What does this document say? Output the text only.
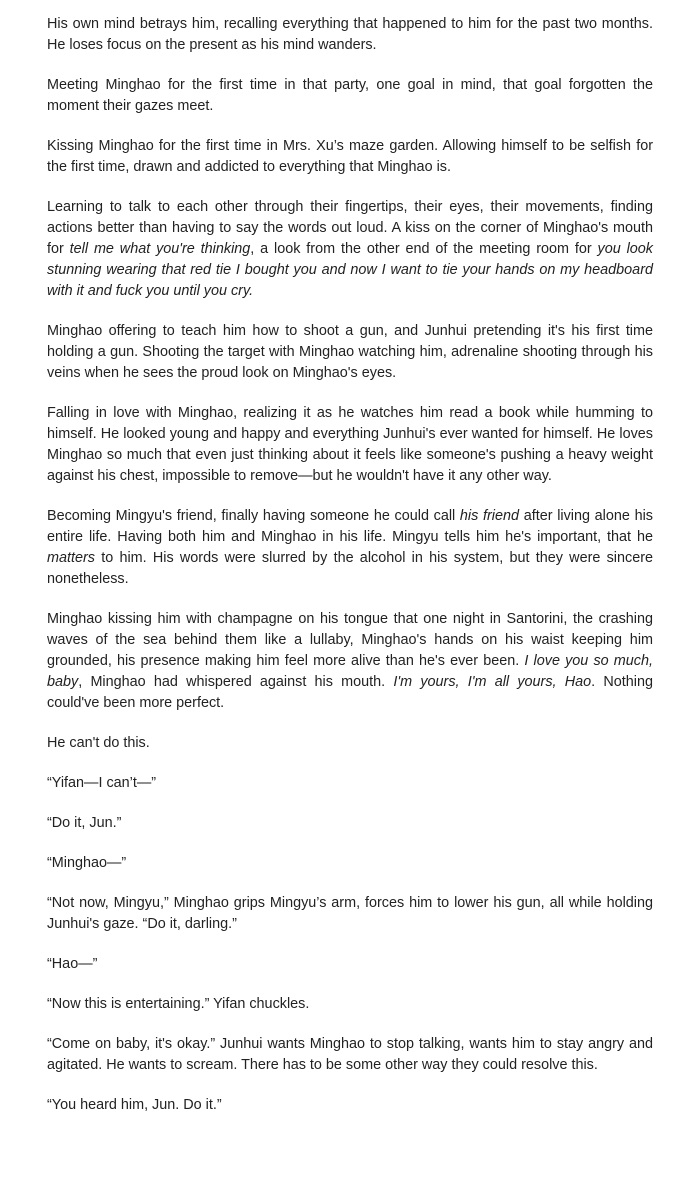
His own mind betrays him, recalling everything that happened to him for the past two months. He loses focus on the present as his mind wanders.

Meeting Minghao for the first time in that party, one goal in mind, that goal forgotten the moment their gazes meet.

Kissing Minghao for the first time in Mrs. Xu’s maze garden. Allowing himself to be selfish for the first time, drawn and addicted to everything that Minghao is.

Learning to talk to each other through their fingertips, their eyes, their movements, finding actions better than having to say the words out loud. A kiss on the corner of Minghao's mouth for tell me what you're thinking, a look from the other end of the meeting room for you look stunning wearing that red tie I bought you and now I want to tie your hands on my headboard with it and fuck you until you cry.

Minghao offering to teach him how to shoot a gun, and Junhui pretending it's his first time holding a gun. Shooting the target with Minghao watching him, adrenaline shooting through his veins when he sees the proud look on Minghao's eyes.

Falling in love with Minghao, realizing it as he watches him read a book while humming to himself. He looked young and happy and everything Junhui's ever wanted for himself. He loves Minghao so much that even just thinking about it feels like someone's pushing a heavy weight against his chest, impossible to remove—but he wouldn't have it any other way.

Becoming Mingyu's friend, finally having someone he could call his friend after living alone his entire life. Having both him and Minghao in his life. Mingyu tells him he's important, that he matters to him. His words were slurred by the alcohol in his system, but they were sincere nonetheless.

Minghao kissing him with champagne on his tongue that one night in Santorini, the crashing waves of the sea behind them like a lullaby, Minghao's hands on his waist keeping him grounded, his presence making him feel more alive than he's ever been. I love you so much, baby, Minghao had whispered against his mouth. I'm yours, I'm all yours, Hao. Nothing could've been more perfect.

He can't do this.

“Yifan—I can’t—”

“Do it, Jun.”

“Minghao—”

“Not now, Mingyu,” Minghao grips Mingyu’s arm, forces him to lower his gun, all while holding Junhui's gaze. “Do it, darling.”

“Hao—”

“Now this is entertaining.” Yifan chuckles.

“Come on baby, it's okay.” Junhui wants Minghao to stop talking, wants him to stay angry and agitated. He wants to scream. There has to be some other way they could resolve this.

“You heard him, Jun. Do it.”
